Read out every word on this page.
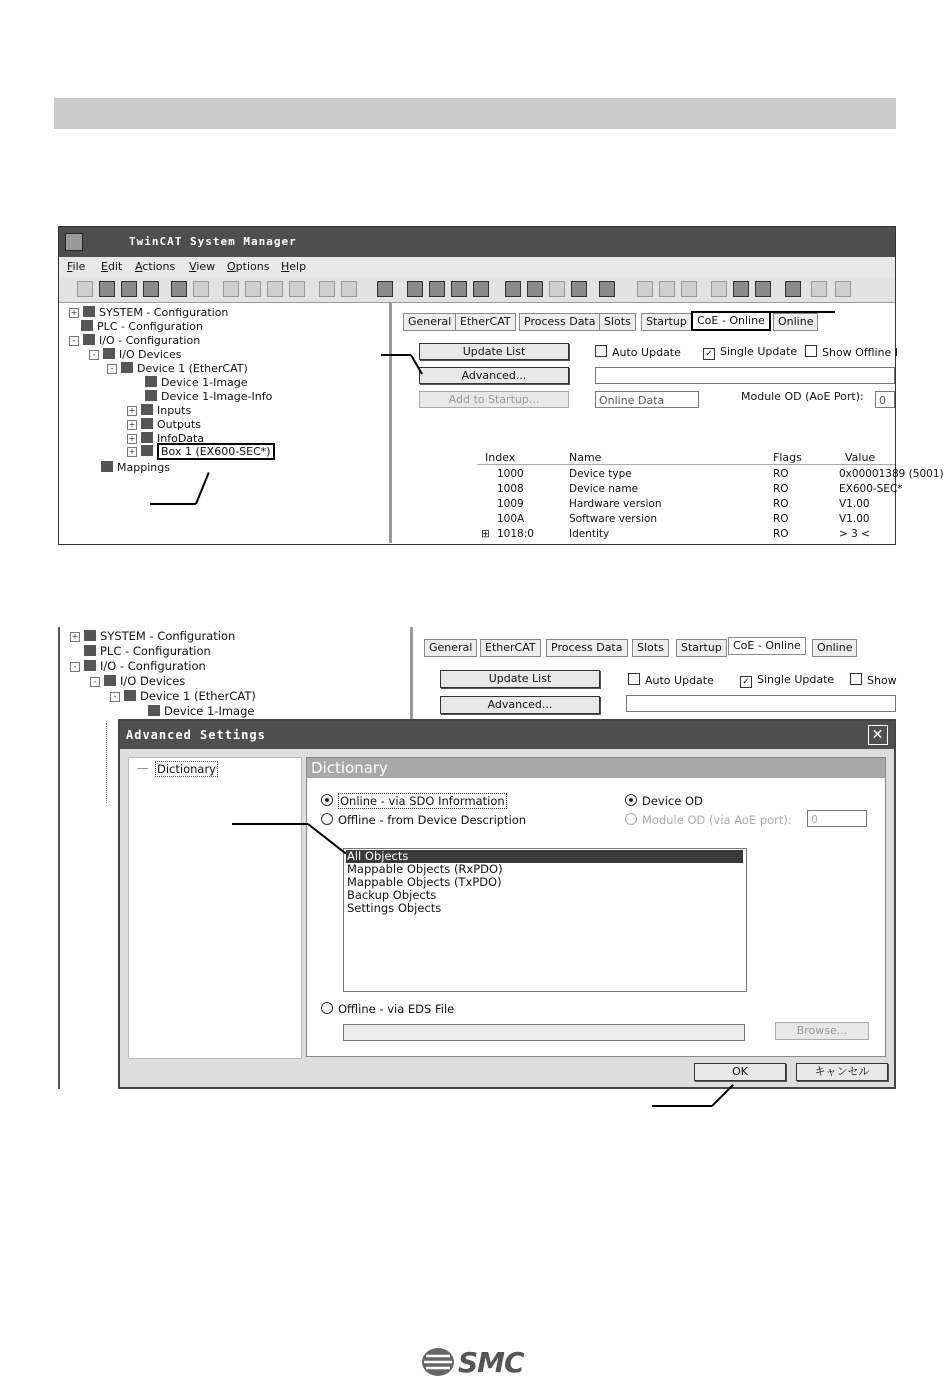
TwinCAT System Manager
File Edit Actions View Options Help
+ SYSTEM - Configuration
PLC - Configuration
- I/O - Configuration
- I/O Devices
- Device 1 (EtherCAT)
Device 1-Image
Device 1-Image-Info
+ Inputs
+ Outputs
+ InfoData
+ Box 1 (EX600-SEC*)
Mappings
General EtherCAT	Process Data Slots	Startup CoE - Online	Online
Update List
Advanced...
Add to Startup...
Auto Update	✓ Single Update	Show Offline I
Online Data	Module OD (AoE Port):	0
Index	Name	Flags	Value
1000	Device type	RO	0x00001389 (5001)
1008	Device name	RO	EX600-SEC*
1009	Hardware version	RO	V1.00
100A	Software version	RO	V1.00
⊞ 1018:0	Identity	RO	> 3 <
+ SYSTEM - Configuration
PLC - Configuration
- I/O - Configuration
- I/O Devices
- Device 1 (EtherCAT)
Device 1-Image
General	EtherCAT	Process Data	Slots	Startup	CoE - Online	Online
Update List
Advanced...
Auto Update	✓ Single Update	Show
Advanced Settings	✕
— Dictionary	Dictionary
Online - via SDO Information
Offline - from Device Description
Device OD
Module OD (via AoE port):	0
All Objects
Mappable Objects (RxPDO)
Mappable Objects (TxPDO)
Backup Objects
Settings Objects
Offline - via EDS File
Browse...
OK	キャンセル
SMC
